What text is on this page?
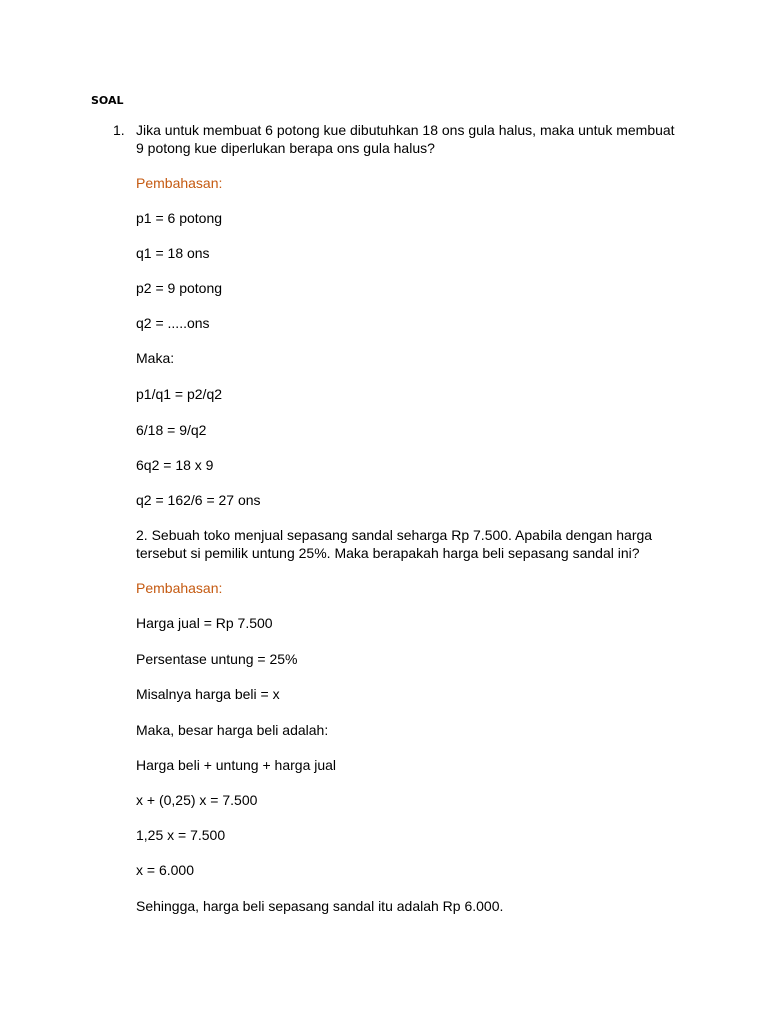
SOAL
1. Jika untuk membuat 6 potong kue dibutuhkan 18 ons gula halus, maka untuk membuat
9 potong kue diperlukan berapa ons gula halus?
Pembahasan:
p1 = 6 potong
q1 = 18 ons
p2 = 9 potong
q2 = .....ons
Maka:
p1/q1 = p2/q2
6/18 = 9/q2
6q2 = 18 x 9
q2 = 162/6 = 27 ons
2. Sebuah toko menjual sepasang sandal seharga Rp 7.500. Apabila dengan harga
tersebut si pemilik untung 25%. Maka berapakah harga beli sepasang sandal ini?
Pembahasan:
Harga jual = Rp 7.500
Persentase untung = 25%
Misalnya harga beli = x
Maka, besar harga beli adalah:
Harga beli + untung + harga jual
x + (0,25) x = 7.500
1,25 x = 7.500
x = 6.000
Sehingga, harga beli sepasang sandal itu adalah Rp 6.000.
